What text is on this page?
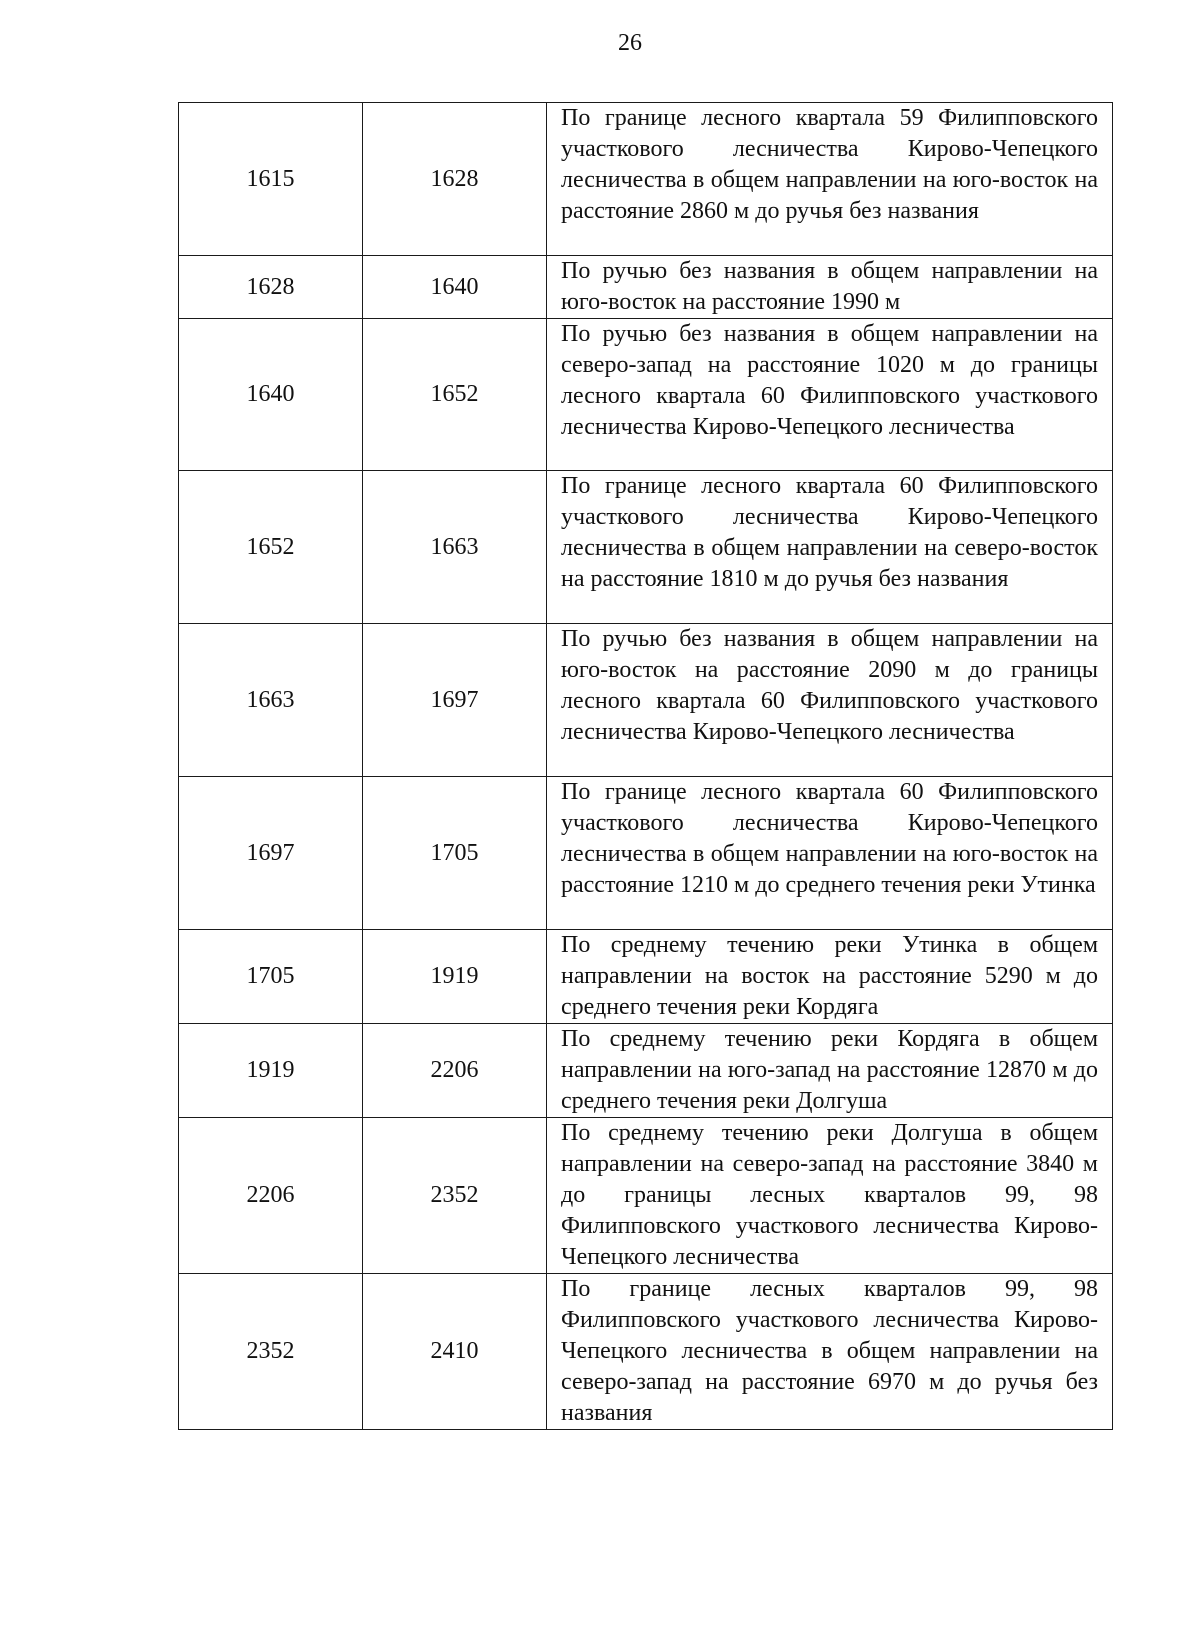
26
1615	1628	По границе лесного квартала 59 Филипповского участкового лесничества Кирово-Чепецкого лесничества в общем направлении на юго-восток на расстояние 2860 м до ручья без названия
1628	1640	По ручью без названия в общем направлении на юго-восток на расстояние 1990 м
1640	1652	По ручью без названия в общем направлении на северо-запад на расстояние 1020 м до границы лесного квартала 60 Филипповского участкового лесничества Кирово-Чепецкого лесничества
1652	1663	По границе лесного квартала 60 Филипповского участкового лесничества Кирово-Чепецкого лесничества в общем направлении на северо-восток на расстояние 1810 м до ручья без названия
1663	1697	По ручью без названия в общем направлении на юго-восток на расстояние 2090 м до границы лесного квартала 60 Филипповского участкового лесничества Кирово-Чепецкого лесничества
1697	1705	По границе лесного квартала 60 Филипповского участкового лесничества Кирово-Чепецкого лесничества в общем направлении на юго-восток на расстояние 1210 м до среднего течения реки Утинка
1705	1919	По среднему течению реки Утинка в общем направлении на восток на расстояние 5290 м до среднего течения реки Кордяга
1919	2206	По среднему течению реки Кордяга в общем направлении на юго-запад на расстояние 12870 м до среднего течения реки Долгуша
2206	2352	По среднему течению реки Долгуша в общем направлении на северо-запад на расстояние 3840 м до границы лесных кварталов 99, 98 Филипповского участкового лесничества Кирово-Чепецкого лесничества
2352	2410	По границе лесных кварталов 99, 98 Филипповского участкового лесничества Кирово-Чепецкого лесничества в общем направлении на северо-запад на расстояние 6970 м до ручья без названия
